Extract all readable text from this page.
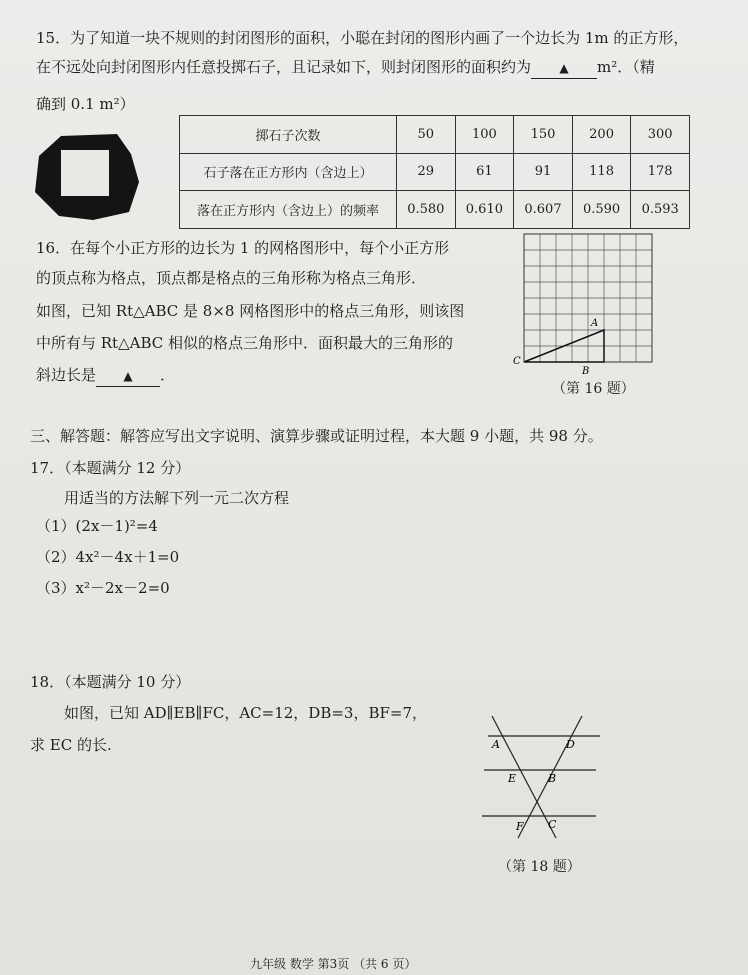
15．为了知道一块不规则的封闭图形的面积，小聪在封闭的图形内画了一个边长为 1m 的正方形，
在不远处向封闭图形内任意投掷石子，且记录如下，则封闭图形的面积约为 ▲ m²．（精
确到 0.1 m²）
掷石子次数	50	100	150	200	300
石子落在正方形内（含边上）	29	61	91	118	178
落在正方形内（含边上）的频率	0.580	0.610	0.607	0.590	0.593
16．在每个小正方形的边长为 1 的网格图形中，每个小正方形
的顶点称为格点，顶点都是格点的三角形称为格点三角形．
如图，已知 Rt△ABC 是 8×8 网格图形中的格点三角形，则该图
中所有与 Rt△ABC 相似的格点三角形中．面积最大的三角形的
斜边长是 ▲ ．
A
B
C
（第 16 题）
三、解答题：解答应写出文字说明、演算步骤或证明过程，本大题 9 小题，共 98 分。
17．（本题满分 12 分）
用适当的方法解下列一元二次方程
（1）(2x－1)²=4
（2）4x²－4x＋1=0
（3）x²－2x－2=0
18．（本题满分 10 分）
如图，已知 AD∥EB∥FC，AC=12，DB=3，BF=7，
求 EC 的长.	A	D
E	B
F C
（第 18 题）
九年级 数学 第3页 （共 6 页）
